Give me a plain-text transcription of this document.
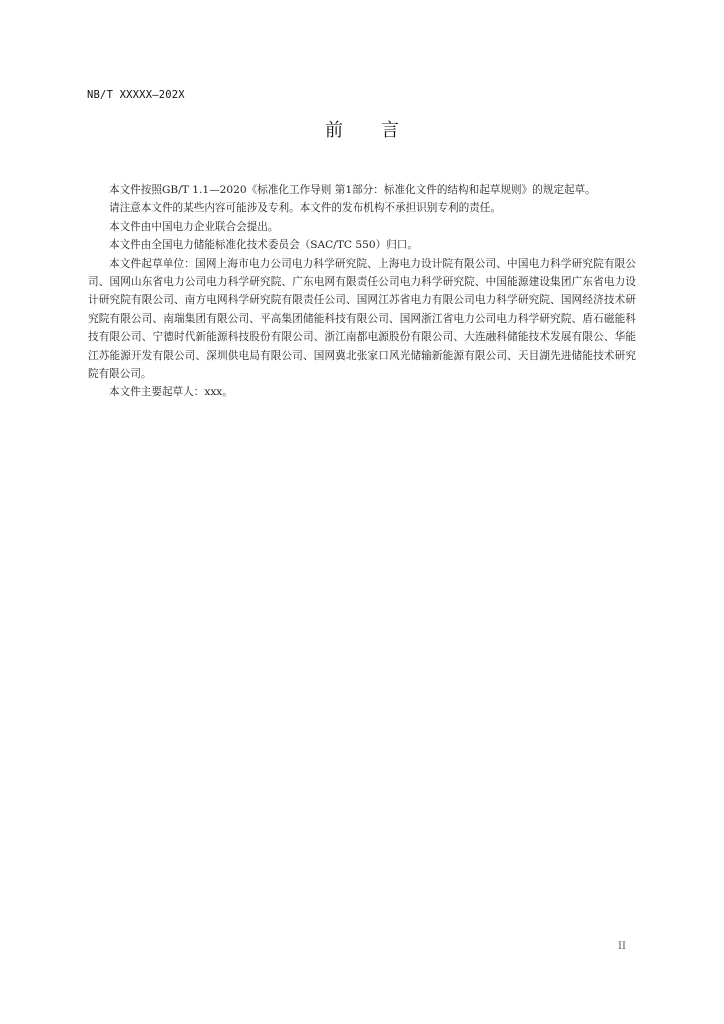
NB/T XXXXX—202X
前言

本文件按照GB/T 1.1—2020《标准化工作导则 第1部分：标准化文件的结构和起草规则》的规定起草。

请注意本文件的某些内容可能涉及专利。本文件的发布机构不承担识别专利的责任。

本文件由中国电力企业联合会提出。

本文件由全国电力储能标准化技术委员会（SAC/TC 550）归口。

本文件起草单位：国网上海市电力公司电力科学研究院、上海电力设计院有限公司、中国电力科学研究院有限公司、国网山东省电力公司电力科学研究院、广东电网有限责任公司电力科学研究院、中国能源建设集团广东省电力设计研究院有限公司、南方电网科学研究院有限责任公司、国网江苏省电力有限公司电力科学研究院、国网经济技术研究院有限公司、南瑞集团有限公司、平高集团储能科技有限公司、国网浙江省电力公司电力科学研究院、盾石磁能科技有限公司、宁德时代新能源科技股份有限公司、浙江南都电源股份有限公司、大连融科储能技术发展有限公、华能江苏能源开发有限公司、深圳供电局有限公司、国网冀北张家口风光储输新能源有限公司、天目湖先进储能技术研究院有限公司。

本文件主要起草人：xxx。

II
